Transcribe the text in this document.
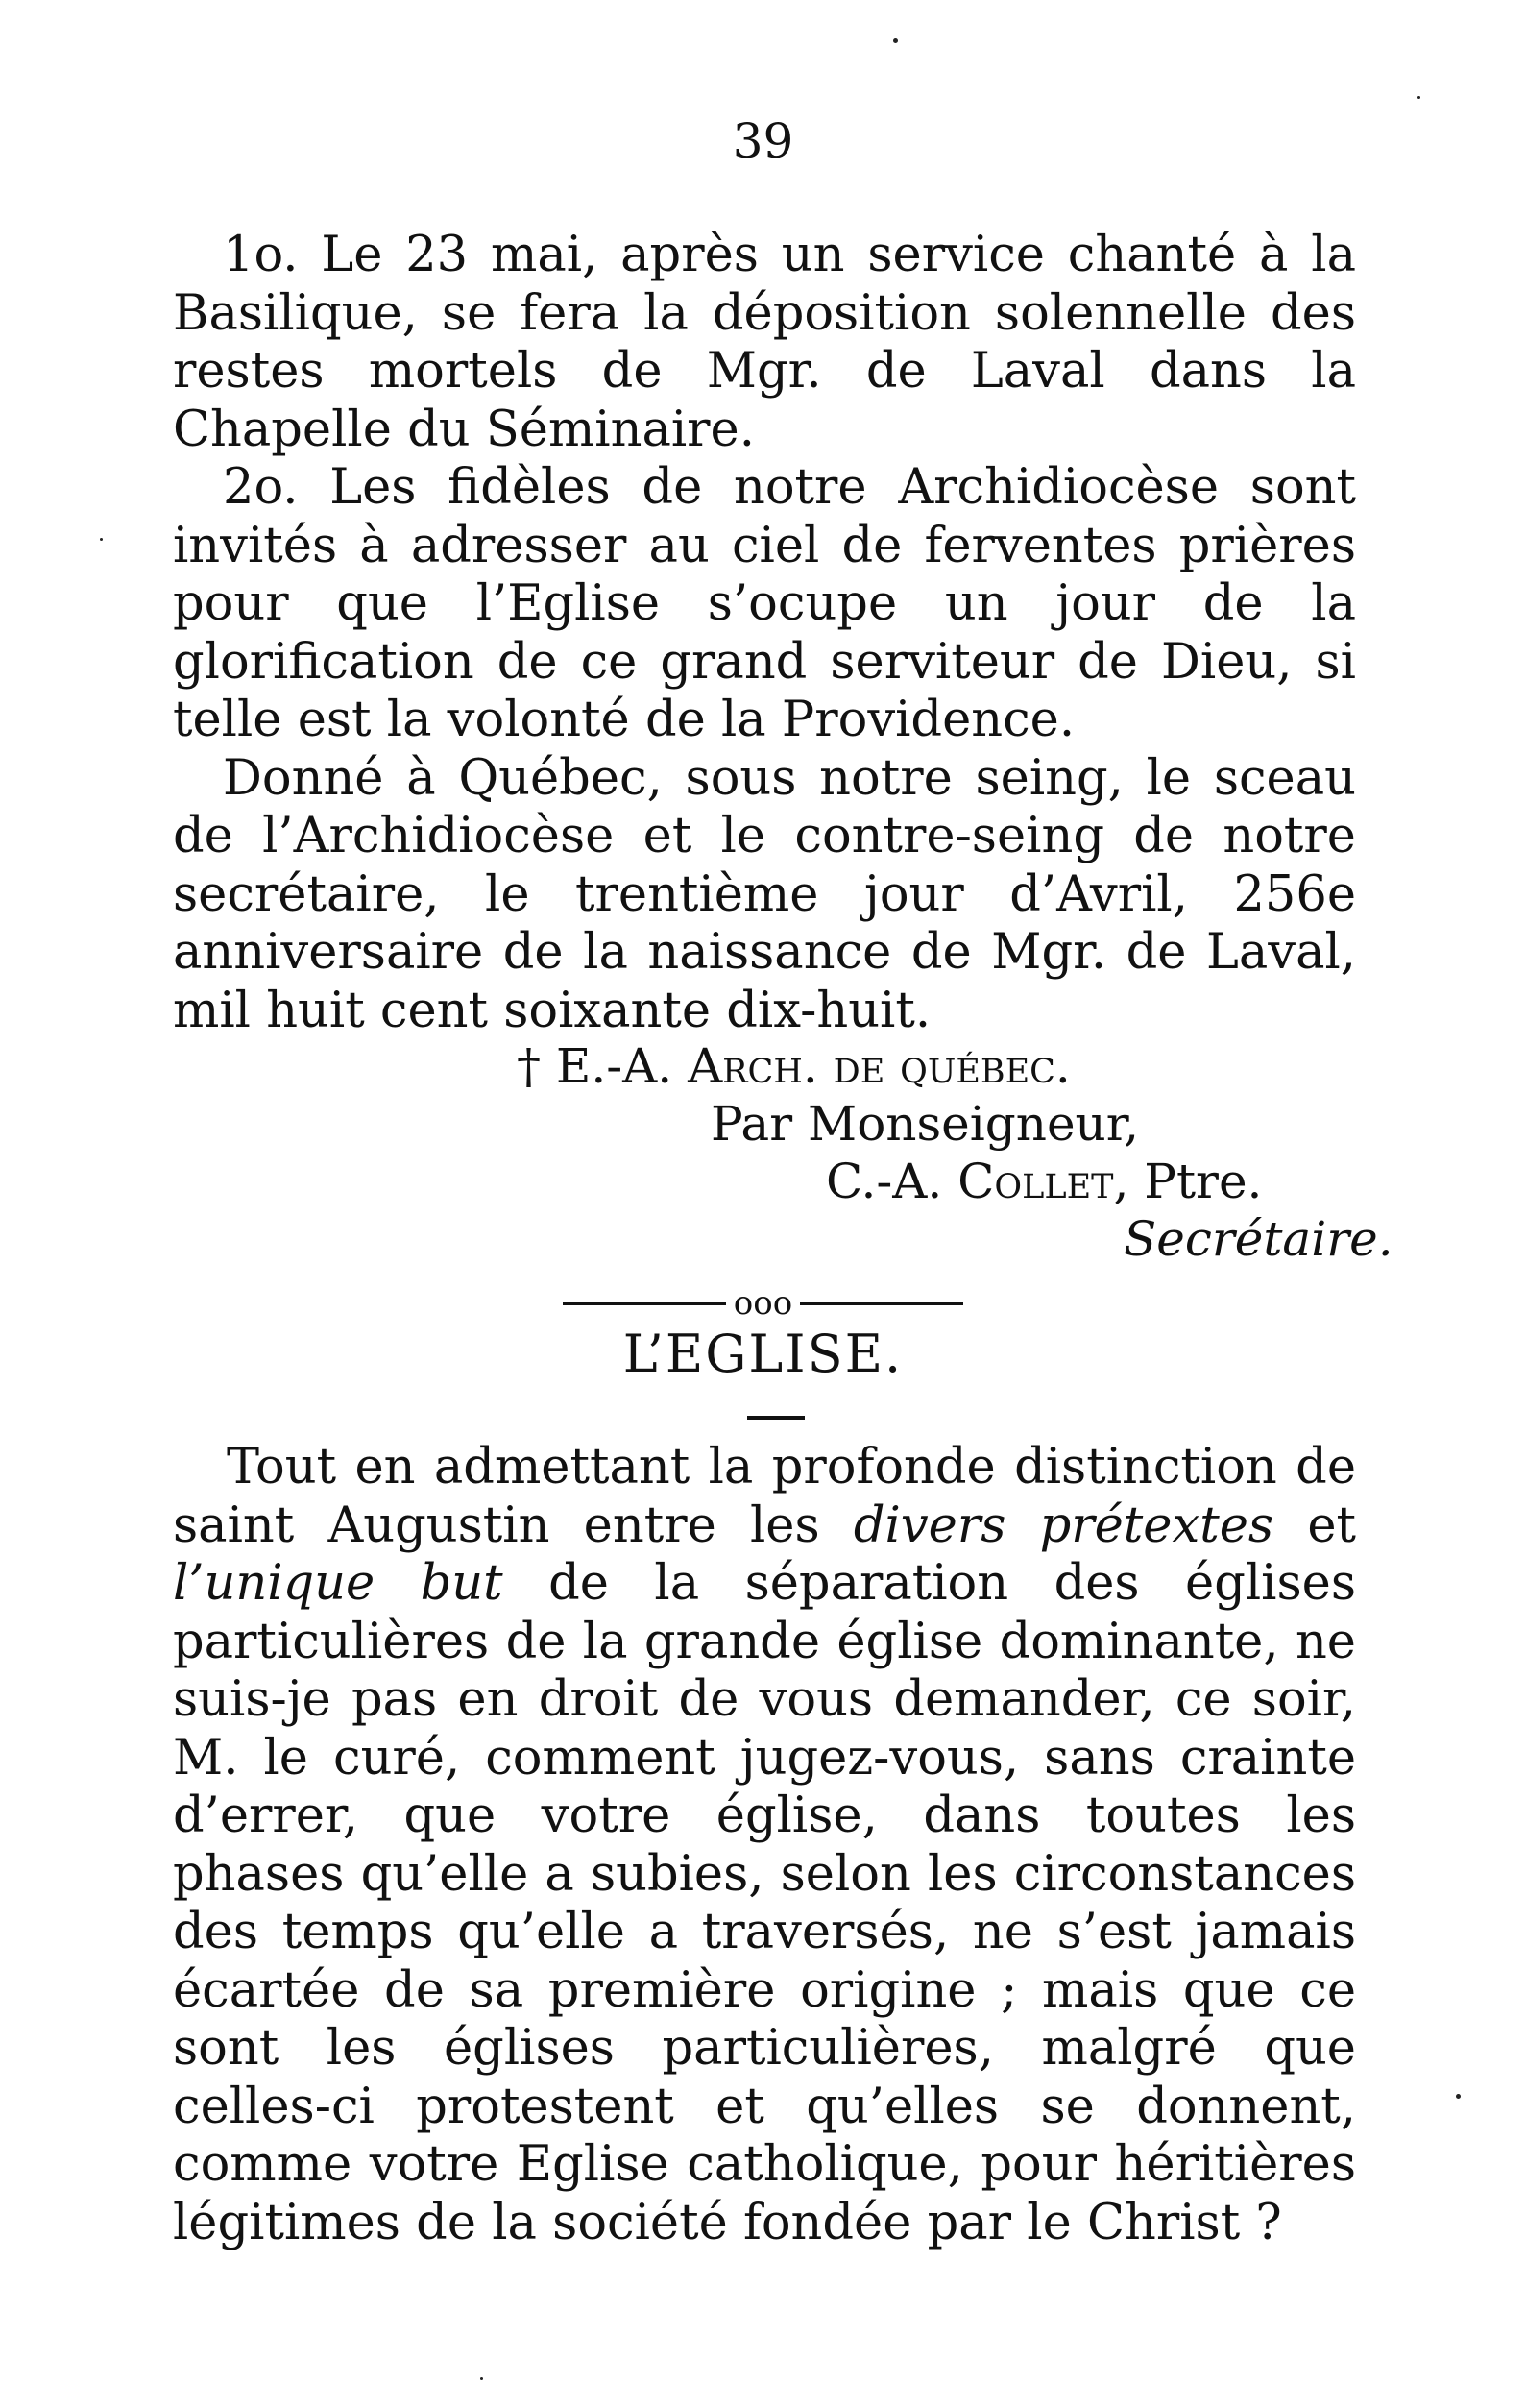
39

1o. Le 23 mai, après un service chanté à la Basilique, se fera la déposition solennelle des restes mortels de Mgr. de Laval dans la Chapelle du Séminaire.

2o. Les fidèles de notre Archidiocèse sont invités à adresser au ciel de ferventes prières pour que l’Eglise s’ocupe un jour de la glorification de ce grand serviteur de Dieu, si telle est la volonté de la Providence.

Donné à Québec, sous notre seing, le sceau de l’Archidiocèse et le contre-seing de notre secrétaire, le trentième jour d’Avril, 256e anniversaire de la naissance de Mgr. de Laval, mil huit cent soixante dix-huit.

† E.-A. Arch. de québec.
Par Monseigneur,
C.-A. Collet, Ptre.
Secrétaire.
ooo
L’EGLISE.

Tout en admettant la profonde distinction de saint Augustin entre les divers prétextes et l’unique but de la séparation des églises particulières de la grande église dominante, ne suis-je pas en droit de vous demander, ce soir, M. le curé, comment jugez-vous, sans crainte d’errer, que votre église, dans toutes les phases qu’elle a subies, selon les circonstances des temps qu’elle a traversés, ne s’est jamais écartée de sa première origine ; mais que ce sont les églises particulières, malgré que celles-ci protestent et qu’elles se donnent, comme votre Eglise catholique, pour héritières légitimes de la société fondée par le Christ ?
